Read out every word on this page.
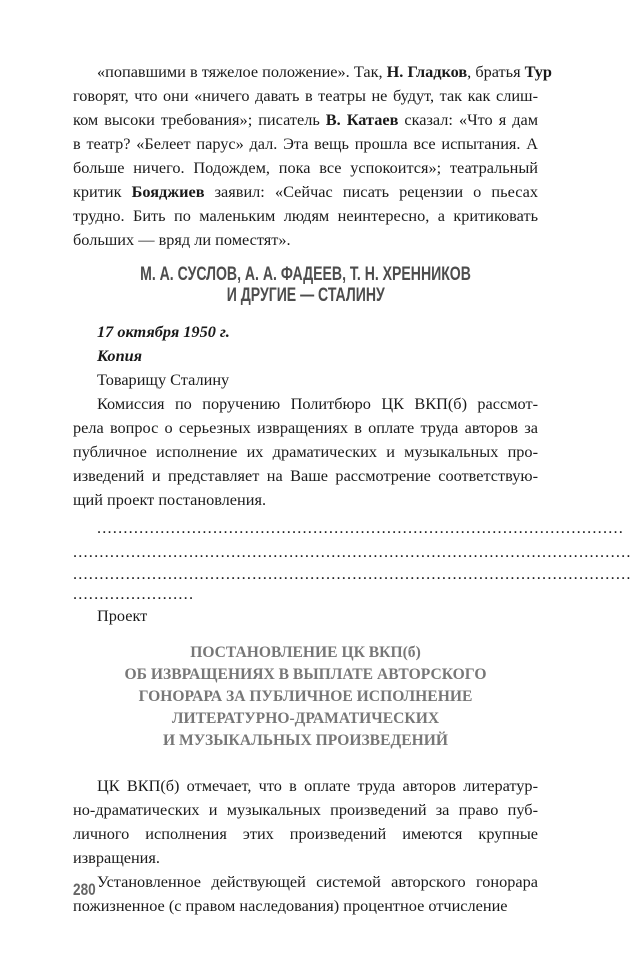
«попавшими в тяжелое положение». Так, Н. Гладков, братья Тур
говорят, что они «ничего давать в театры не будут, так как слиш-
ком высоки требования»; писатель В. Катаев сказал: «Что я дам
в театр? «Белеет парус» дал. Эта вещь прошла все испытания. А
больше ничего. Подождем, пока все успокоится»; театральный
критик Бояджиев заявил: «Сейчас писать рецензии о пьесах
трудно. Бить по маленьким людям неинтересно, а критиковать
больших — вряд ли поместят».
М. А. СУСЛОВ, А. А. ФАДЕЕВ, Т. Н. ХРЕННИКОВ
И ДРУГИЕ — СТАЛИНУ
17 октября 1950 г.
Копия
Товарищу Сталину
Комиссия по поручению Политбюро ЦК ВКП(б) рассмот-
рела вопрос о серьезных извращениях в оплате труда авторов за
публичное исполнение их драматических и музыкальных про-
изведений и представляет на Ваше рассмотрение соответствую-
щий проект постановления.
....................................................................................................
..........................................................................................................
..........................................................................................................
.......................
Проект
ПОСТАНОВЛЕНИЕ ЦК ВКП(б)
ОБ ИЗВРАЩЕНИЯХ В ВЫПЛАТЕ АВТОРСКОГО
ГОНОРАРА ЗА ПУБЛИЧНОЕ ИСПОЛНЕНИЕ
ЛИТЕРАТУРНО-ДРАМАТИЧЕСКИХ
И МУЗЫКАЛЬНЫХ ПРОИЗВЕДЕНИЙ
ЦК ВКП(б) отмечает, что в оплате труда авторов литератур-
но-драматических и музыкальных произведений за право пуб-
личного исполнения этих произведений имеются крупные
извращения.
Установленное действующей системой авторского гонорара
пожизненное (с правом наследования) процентное отчисление
280
